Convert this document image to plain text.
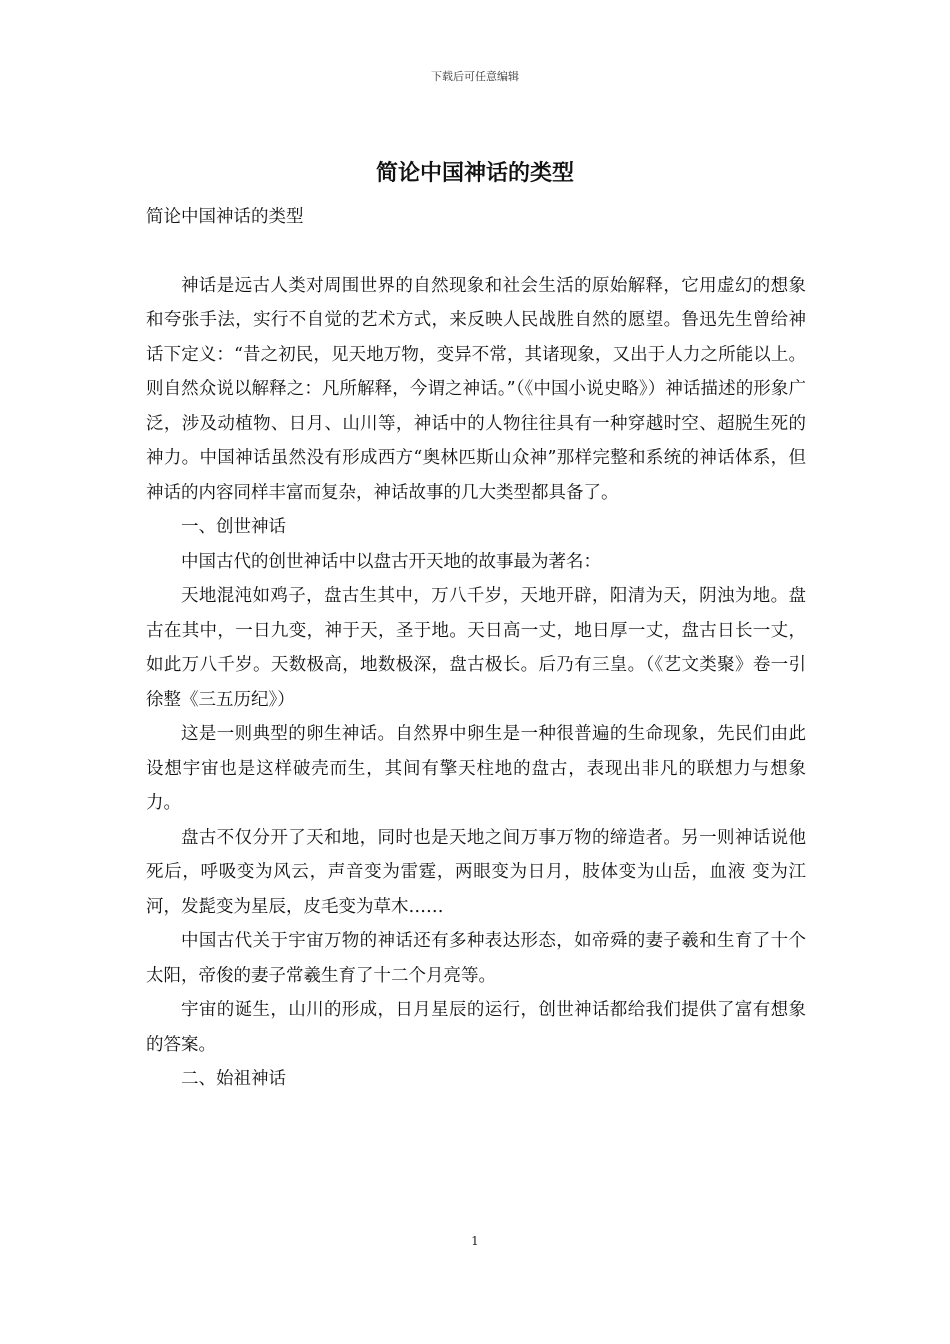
下载后可任意编辑
简论中国神话的类型

简论中国神话的类型

神话是远古人类对周围世界的自然现象和社会生活的原始解释，它用虚幻的想象和夸张手法，实行不自觉的艺术方式，来反映人民战胜自然的愿望。鲁迅先生曾给神话下定义：“昔之初民，见天地万物，变异不常，其诸现象，又出于人力之所能以上。则自然众说以解释之：凡所解释，今谓之神话。”（《中国小说史略》）神话描述的形象广泛，涉及动植物、日月、山川等，神话中的人物往往具有一种穿越时空、超脱生死的神力。中国神话虽然没有形成西方“奥林匹斯山众神”那样完整和系统的神话体系，但神话的内容同样丰富而复杂，神话故事的几大类型都具备了。

一、创世神话

中国古代的创世神话中以盘古开天地的故事最为著名：

天地混沌如鸡子，盘古生其中，万八千岁，天地开辟，阳清为天，阴浊为地。盘古在其中，一日九变，神于天，圣于地。天日高一丈，地日厚一丈，盘古日长一丈，如此万八千岁。天数极高，地数极深，盘古极长。后乃有三皇。（《艺文类聚》卷一引徐整《三五历纪》）

这是一则典型的卵生神话。自然界中卵生是一种很普遍的生命现象，先民们由此设想宇宙也是这样破壳而生，其间有擎天柱地的盘古，表现出非凡的联想力与想象力。

盘古不仅分开了天和地，同时也是天地之间万事万物的缔造者。另一则神话说他死后，呼吸变为风云，声音变为雷霆，两眼变为日月，肢体变为山岳，血液 变为江河，发髭变为星辰，皮毛变为草木……

中国古代关于宇宙万物的神话还有多种表达形态，如帝舜的妻子羲和生育了十个太阳，帝俊的妻子常羲生育了十二个月亮等。

宇宙的诞生，山川的形成，日月星辰的运行，创世神话都给我们提供了富有想象的答案。

二、始祖神话

1
